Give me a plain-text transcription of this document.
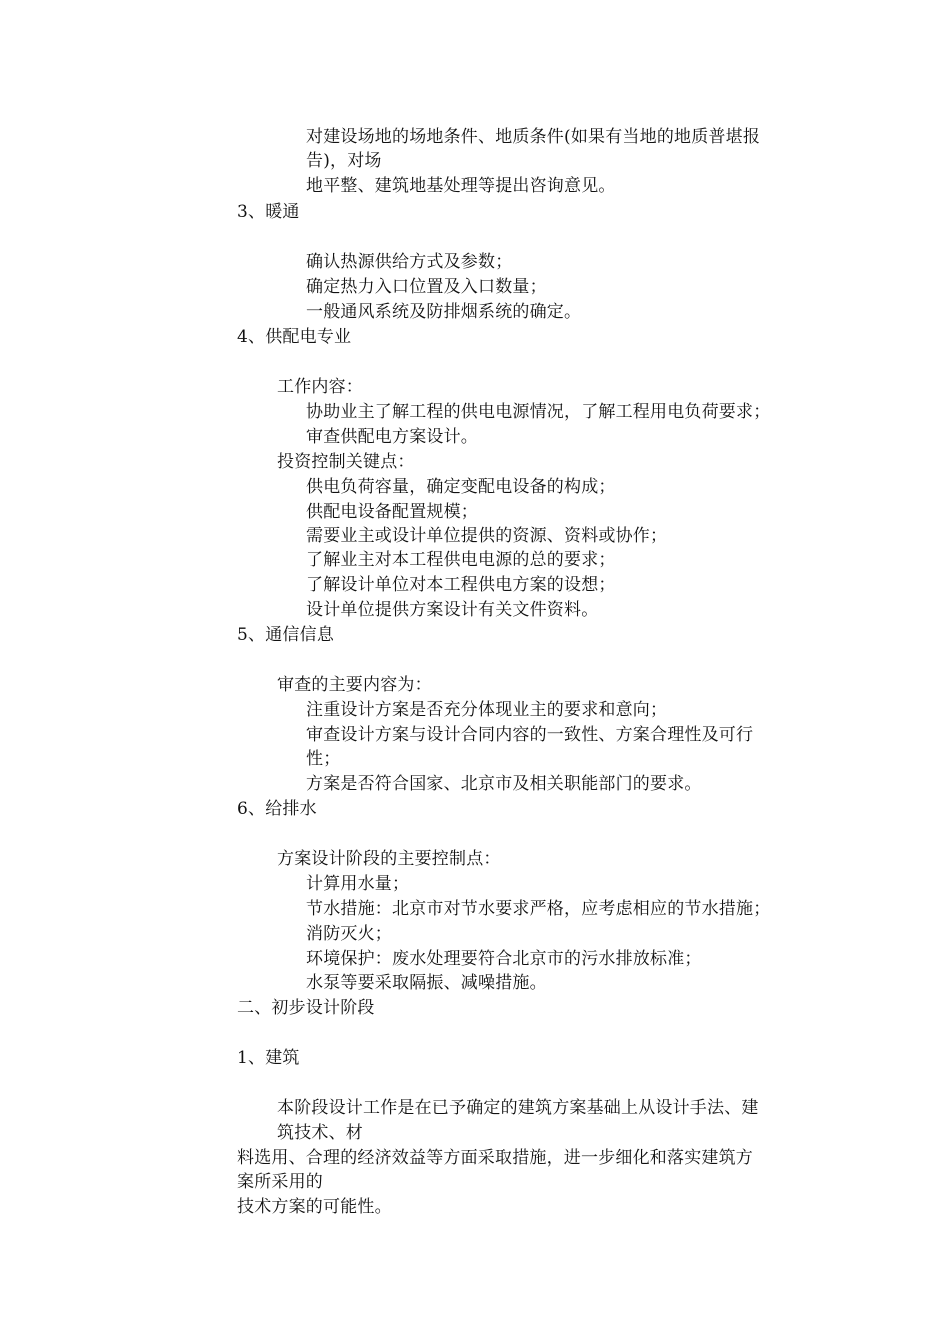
对建设场地的场地条件、地质条件(如果有当地的地质普堪报
告)，对场
地平整、建筑地基处理等提出咨询意见。
3、暖通
确认热源供给方式及参数；
确定热力入口位置及入口数量；
一般通风系统及防排烟系统的确定。
4、供配电专业
工作内容：
协助业主了解工程的供电电源情况，了解工程用电负荷要求；
审查供配电方案设计。
投资控制关键点：
供电负荷容量，确定变配电设备的构成；
供配电设备配置规模；
需要业主或设计单位提供的资源、资料或协作；
了解业主对本工程供电电源的总的要求；
了解设计单位对本工程供电方案的设想；
设计单位提供方案设计有关文件资料。
5、通信信息
审查的主要内容为：
注重设计方案是否充分体现业主的要求和意向；
审查设计方案与设计合同内容的一致性、方案合理性及可行
性；
方案是否符合国家、北京市及相关职能部门的要求。
6、给排水
方案设计阶段的主要控制点：
计算用水量；
节水措施：北京市对节水要求严格，应考虑相应的节水措施；
消防灭火；
环境保护：废水处理要符合北京市的污水排放标准；
水泵等要采取隔振、减噪措施。
二、初步设计阶段
1、建筑
本阶段设计工作是在已予确定的建筑方案基础上从设计手法、建
筑技术、材
料选用、合理的经济效益等方面采取措施，进一步细化和落实建筑方
案所采用的
技术方案的可能性。
